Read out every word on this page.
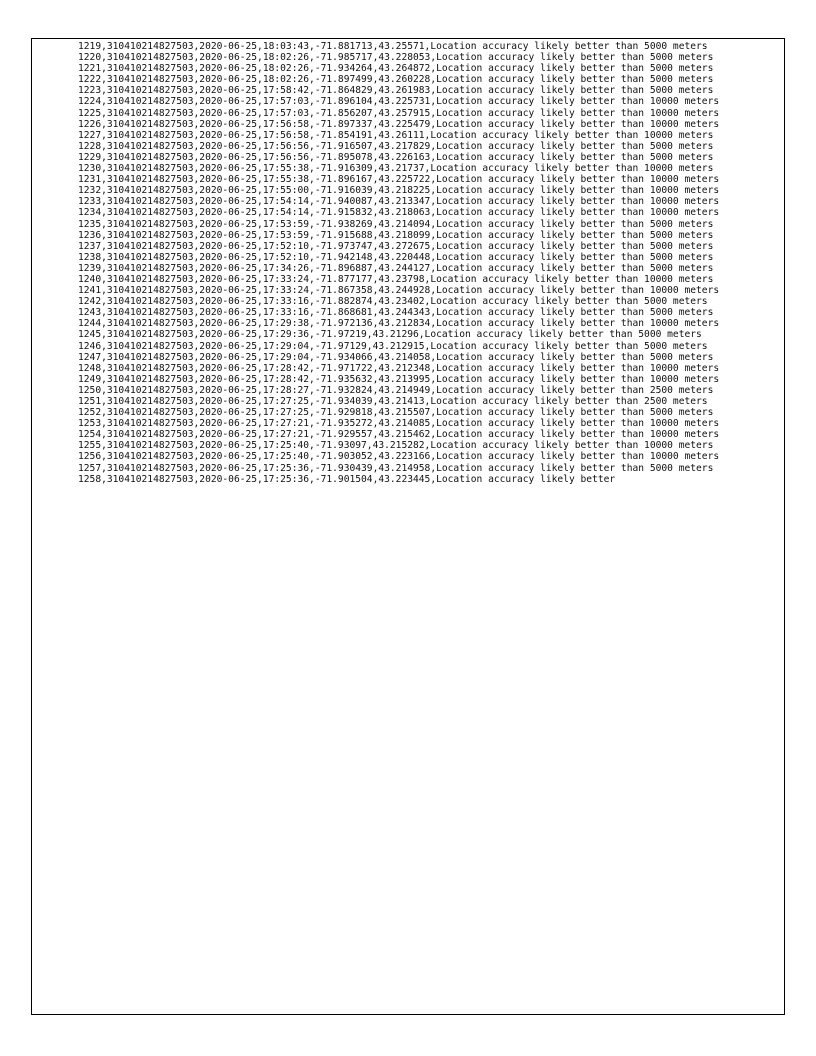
1219,310410214827503,2020-06-25,18:03:43,-71.881713,43.25571,Location accuracy likely better than 5000 meters
1220,310410214827503,2020-06-25,18:02:26,-71.985717,43.228053,Location accuracy likely better than 5000 meters
1221,310410214827503,2020-06-25,18:02:26,-71.934264,43.264872,Location accuracy likely better than 5000 meters
1222,310410214827503,2020-06-25,18:02:26,-71.897499,43.260228,Location accuracy likely better than 5000 meters
1223,310410214827503,2020-06-25,17:58:42,-71.864829,43.261983,Location accuracy likely better than 5000 meters
1224,310410214827503,2020-06-25,17:57:03,-71.896104,43.225731,Location accuracy likely better than 10000 meters
1225,310410214827503,2020-06-25,17:57:03,-71.856207,43.257915,Location accuracy likely better than 10000 meters
1226,310410214827503,2020-06-25,17:56:58,-71.897337,43.225479,Location accuracy likely better than 10000 meters
1227,310410214827503,2020-06-25,17:56:58,-71.854191,43.26111,Location accuracy likely better than 10000 meters
1228,310410214827503,2020-06-25,17:56:56,-71.916507,43.217829,Location accuracy likely better than 5000 meters
1229,310410214827503,2020-06-25,17:56:56,-71.895078,43.226163,Location accuracy likely better than 5000 meters
1230,310410214827503,2020-06-25,17:55:38,-71.916309,43.21737,Location accuracy likely better than 10000 meters
1231,310410214827503,2020-06-25,17:55:38,-71.896167,43.225722,Location accuracy likely better than 10000 meters
1232,310410214827503,2020-06-25,17:55:00,-71.916039,43.218225,Location accuracy likely better than 10000 meters
1233,310410214827503,2020-06-25,17:54:14,-71.940087,43.213347,Location accuracy likely better than 10000 meters
1234,310410214827503,2020-06-25,17:54:14,-71.915832,43.218063,Location accuracy likely better than 10000 meters
1235,310410214827503,2020-06-25,17:53:59,-71.938269,43.214094,Location accuracy likely better than 5000 meters
1236,310410214827503,2020-06-25,17:53:59,-71.915688,43.218099,Location accuracy likely better than 5000 meters
1237,310410214827503,2020-06-25,17:52:10,-71.973747,43.272675,Location accuracy likely better than 5000 meters
1238,310410214827503,2020-06-25,17:52:10,-71.942148,43.220448,Location accuracy likely better than 5000 meters
1239,310410214827503,2020-06-25,17:34:26,-71.896887,43.244127,Location accuracy likely better than 5000 meters
1240,310410214827503,2020-06-25,17:33:24,-71.877177,43.23798,Location accuracy likely better than 10000 meters
1241,310410214827503,2020-06-25,17:33:24,-71.867358,43.244928,Location accuracy likely better than 10000 meters
1242,310410214827503,2020-06-25,17:33:16,-71.882874,43.23402,Location accuracy likely better than 5000 meters
1243,310410214827503,2020-06-25,17:33:16,-71.868681,43.244343,Location accuracy likely better than 5000 meters
1244,310410214827503,2020-06-25,17:29:38,-71.972136,43.212834,Location accuracy likely better than 10000 meters
1245,310410214827503,2020-06-25,17:29:36,-71.97219,43.21296,Location accuracy likely better than 5000 meters
1246,310410214827503,2020-06-25,17:29:04,-71.97129,43.212915,Location accuracy likely better than 5000 meters
1247,310410214827503,2020-06-25,17:29:04,-71.934066,43.214058,Location accuracy likely better than 5000 meters
1248,310410214827503,2020-06-25,17:28:42,-71.971722,43.212348,Location accuracy likely better than 10000 meters
1249,310410214827503,2020-06-25,17:28:42,-71.935632,43.213995,Location accuracy likely better than 10000 meters
1250,310410214827503,2020-06-25,17:28:27,-71.932824,43.214949,Location accuracy likely better than 2500 meters
1251,310410214827503,2020-06-25,17:27:25,-71.934039,43.21413,Location accuracy likely better than 2500 meters
1252,310410214827503,2020-06-25,17:27:25,-71.929818,43.215507,Location accuracy likely better than 5000 meters
1253,310410214827503,2020-06-25,17:27:21,-71.935272,43.214085,Location accuracy likely better than 10000 meters
1254,310410214827503,2020-06-25,17:27:21,-71.929557,43.215462,Location accuracy likely better than 10000 meters
1255,310410214827503,2020-06-25,17:25:40,-71.93097,43.215282,Location accuracy likely better than 10000 meters
1256,310410214827503,2020-06-25,17:25:40,-71.903052,43.223166,Location accuracy likely better than 10000 meters
1257,310410214827503,2020-06-25,17:25:36,-71.930439,43.214958,Location accuracy likely better than 5000 meters
1258,310410214827503,2020-06-25,17:25:36,-71.901504,43.223445,Location accuracy likely better
